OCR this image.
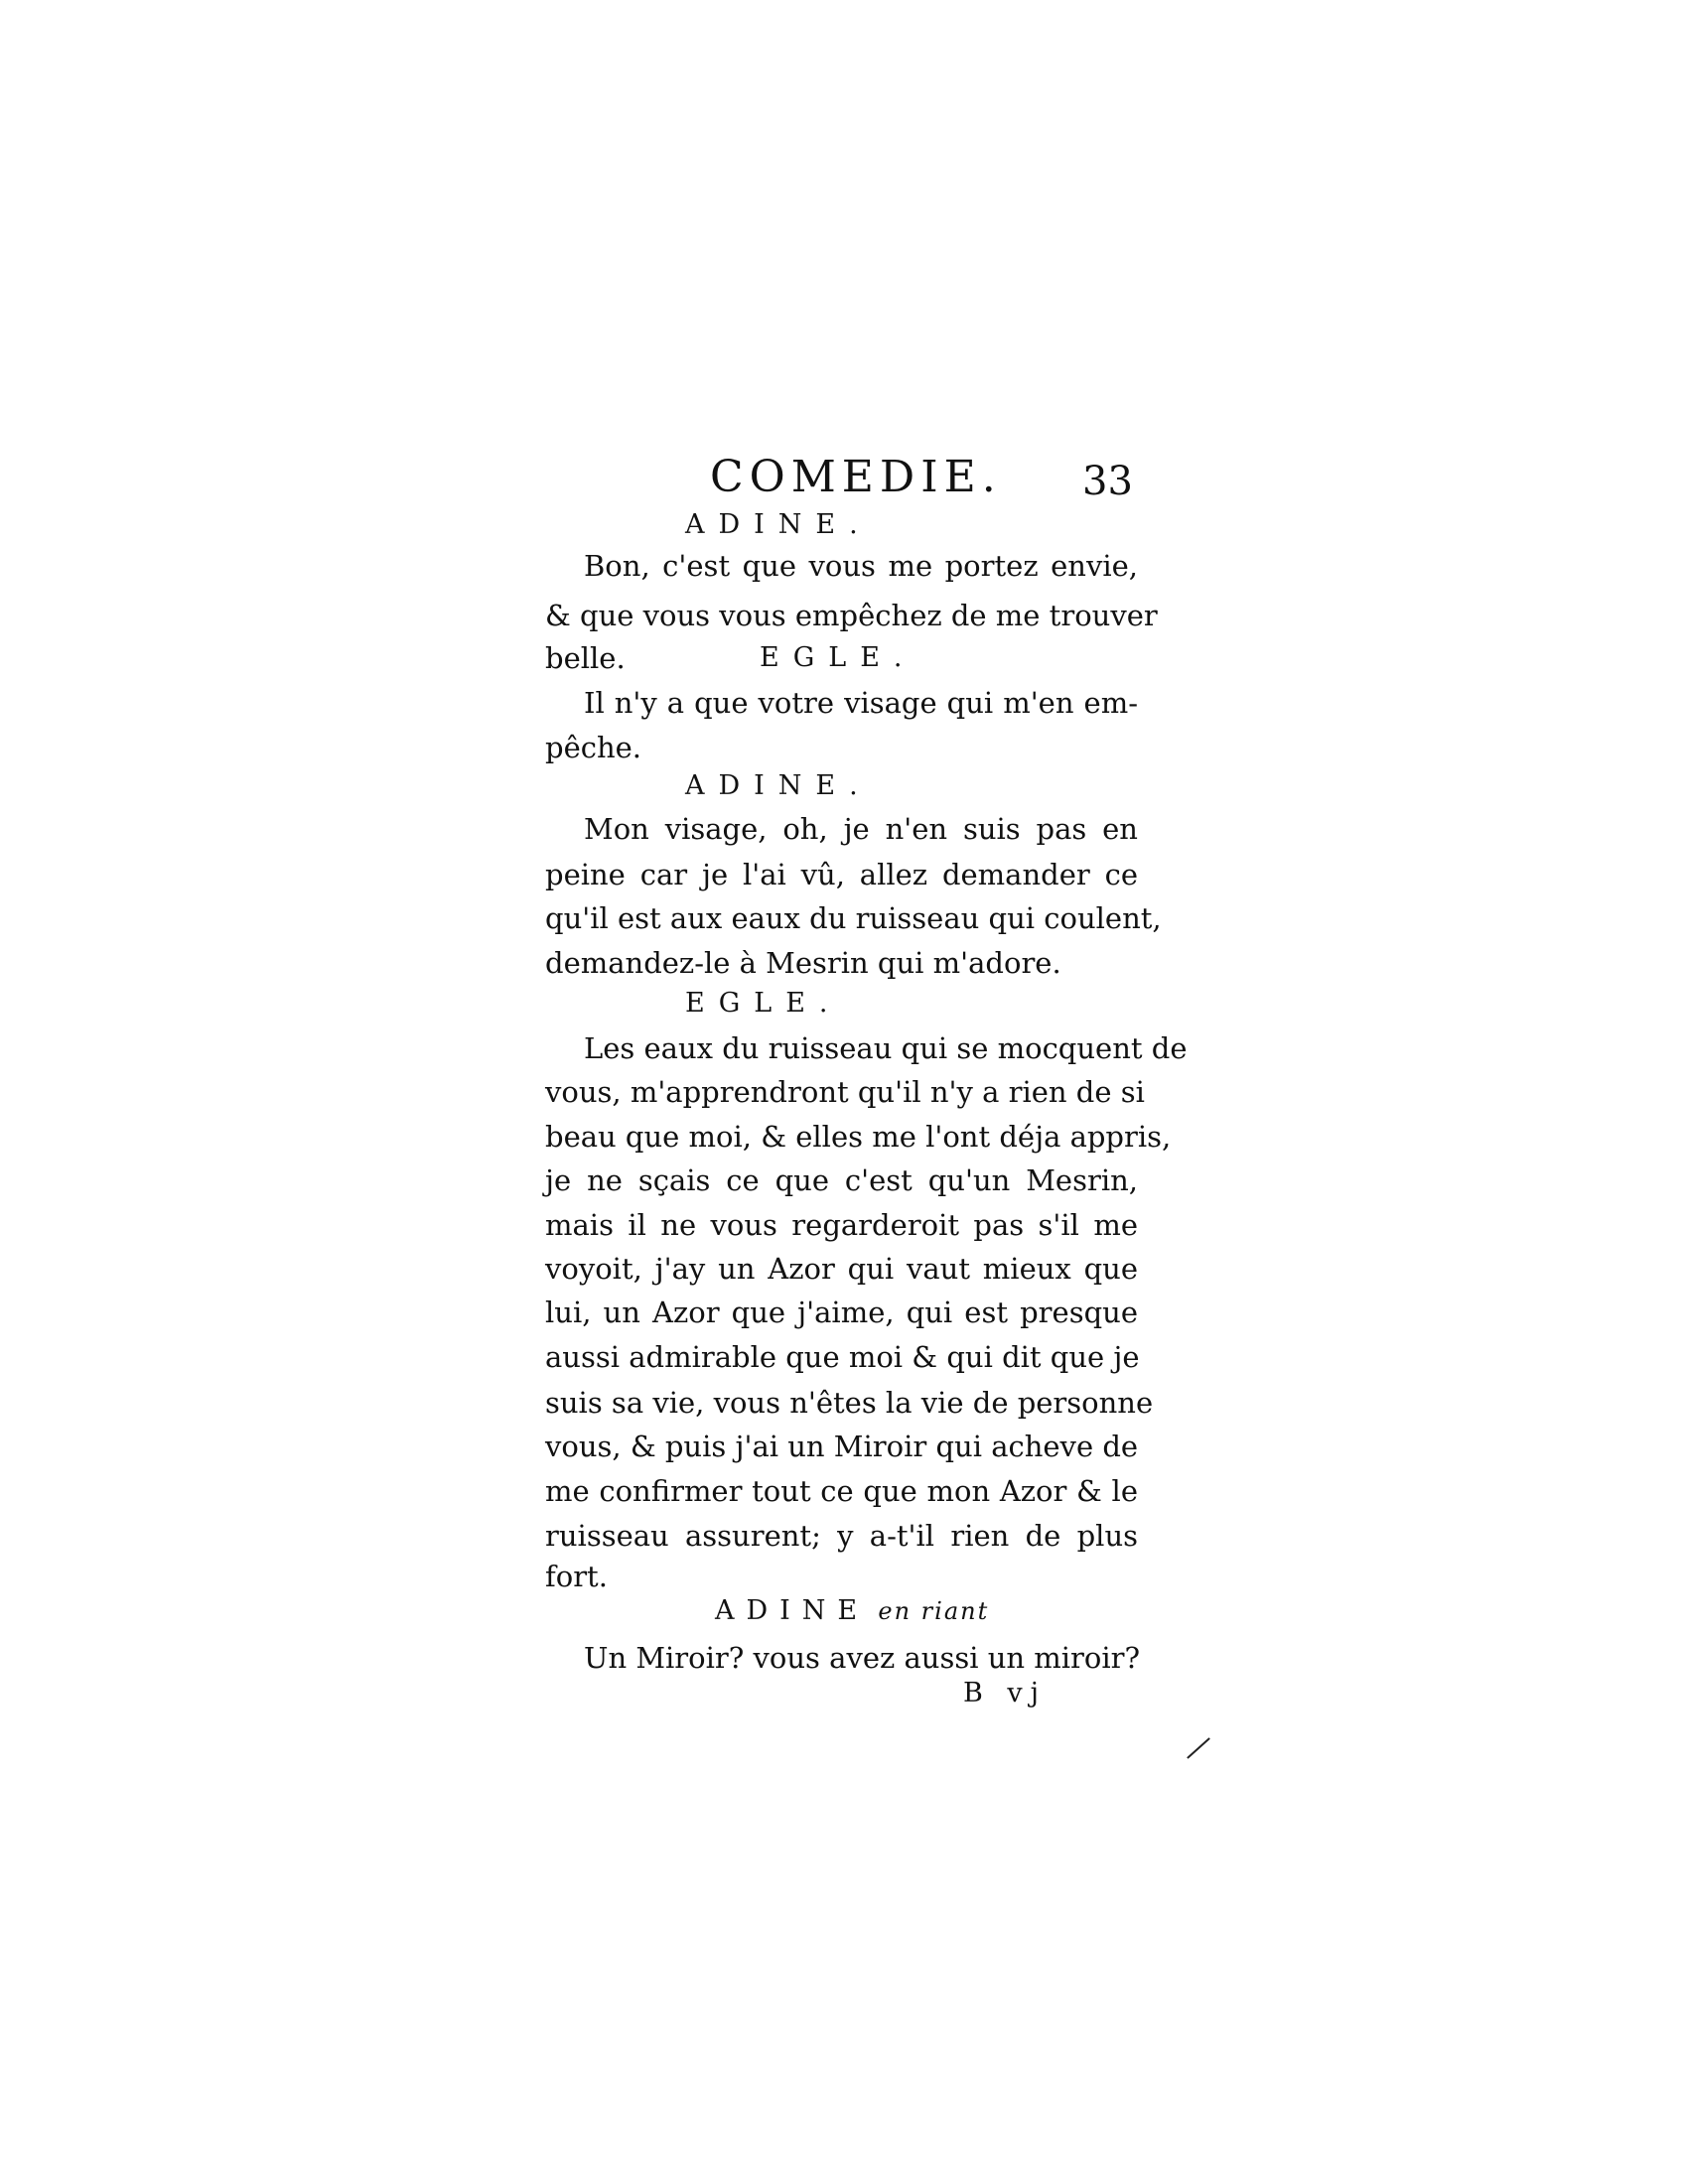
COMEDIE. 33
ADINE.
Bon, c'est que vous me portez envie,
& que vous vous empêchez de me trouver
belle.
Il n'y a que votre visage qui m'en em-
pêche.
ADINE.
Mon visage, oh, je n'en suis pas en
peine car je l'ai vû, allez demander ce
qu'il est aux eaux du ruisseau qui coulent,
demandez-le à Mesrin qui m'adore.
EGLE.
Les eaux du ruisseau qui se mocquent de
vous, m'apprendront qu'il n'y a rien de si
beau que moi, & elles me l'ont déja appris,
je ne sçais ce que c'est qu'un Mesrin,
mais il ne vous regarderoit pas s'il me
voyoit, j'ay un Azor qui vaut mieux que
lui, un Azor que j'aime, qui est presque
aussi admirable que moi & qui dit que je
suis sa vie, vous n'êtes la vie de personne
vous, & puis j'ai un Miroir qui acheve de
me confirmer tout ce que mon Azor & le
ruisseau assurent; y a-t'il rien de plus
fort.
EGLE.
ADINE en riant
Un Miroir? vous avez aussi un miroir?
B vj
